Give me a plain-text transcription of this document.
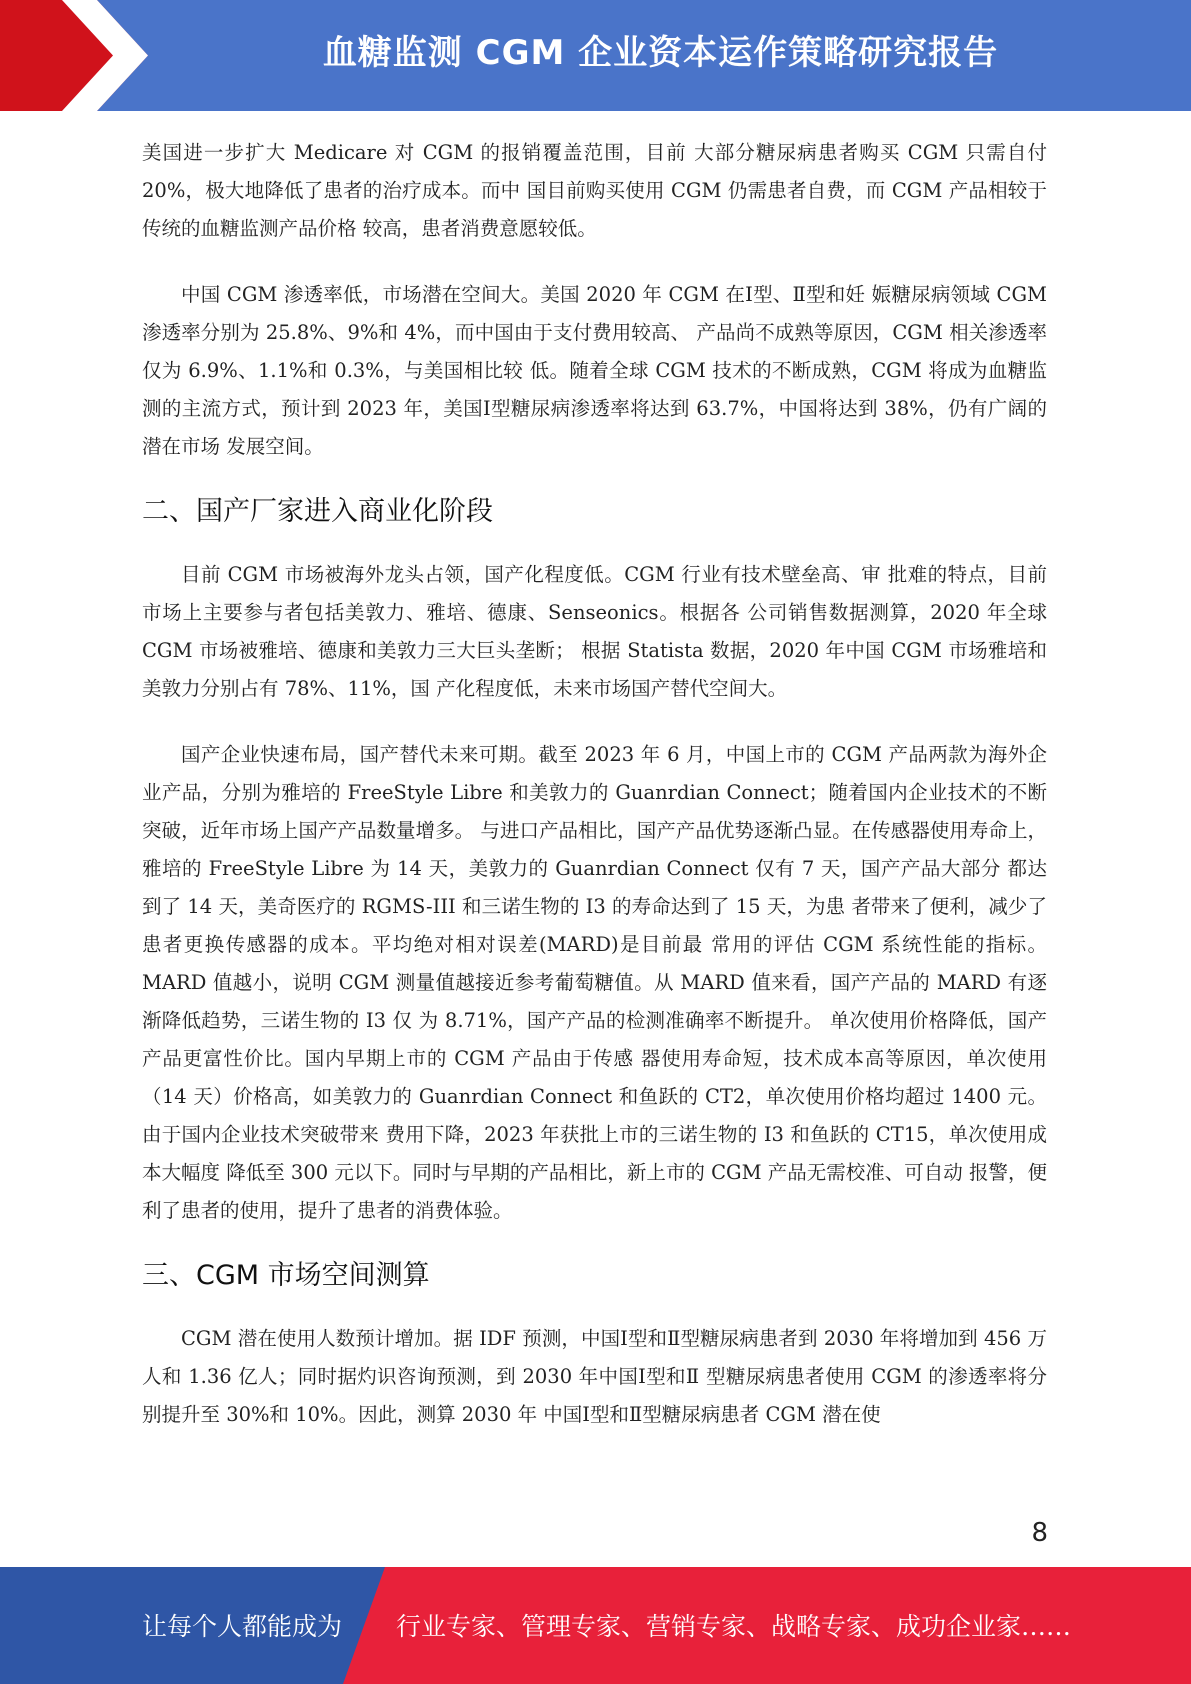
血糖监测 CGM 企业资本运作策略研究报告

美国进一步扩大 Medicare 对 CGM 的报销覆盖范围，目前 大部分糖尿病患者购买 CGM 只需自付 20%，极大地降低了患者的治疗成本。而中 国目前购买使用 CGM 仍需患者自费，而 CGM 产品相较于传统的血糖监测产品价格 较高，患者消费意愿较低。

中国 CGM 渗透率低，市场潜在空间大。美国 2020 年 CGM 在Ⅰ型、Ⅱ型和妊 娠糖尿病领域 CGM 渗透率分别为 25.8%、9%和 4%，而中国由于支付费用较高、 产品尚不成熟等原因，CGM 相关渗透率仅为 6.9%、1.1%和 0.3%，与美国相比较 低。随着全球 CGM 技术的不断成熟，CGM 将成为血糖监测的主流方式，预计到 2023 年，美国Ⅰ型糖尿病渗透率将达到 63.7%，中国将达到 38%，仍有广阔的潜在市场 发展空间。

二、国产厂家进入商业化阶段

目前 CGM 市场被海外龙头占领，国产化程度低。CGM 行业有技术壁垒高、审 批难的特点，目前市场上主要参与者包括美敦力、雅培、德康、Senseonics。根据各 公司销售数据测算，2020 年全球 CGM 市场被雅培、德康和美敦力三大巨头垄断； 根据 Statista 数据，2020 年中国 CGM 市场雅培和美敦力分别占有 78%、11%，国 产化程度低，未来市场国产替代空间大。

国产企业快速布局，国产替代未来可期。截至 2023 年 6 月，中国上市的 CGM 产品两款为海外企业产品，分别为雅培的 FreeStyle Libre 和美敦力的 Guanrdian Connect；随着国内企业技术的不断突破，近年市场上国产产品数量增多。 与进口产品相比，国产产品优势逐渐凸显。在传感器使用寿命上，雅培的 FreeStyle Libre 为 14 天，美敦力的 Guanrdian Connect 仅有 7 天，国产产品大部分 都达到了 14 天，美奇医疗的 RGMS-III 和三诺生物的 I3 的寿命达到了 15 天，为患 者带来了便利，减少了患者更换传感器的成本。平均绝对相对误差(MARD)是目前最 常用的评估 CGM 系统性能的指标。MARD 值越小，说明 CGM 测量值越接近参考葡萄糖值。从 MARD 值来看，国产产品的 MARD 有逐渐降低趋势，三诺生物的 I3 仅 为 8.71%，国产产品的检测准确率不断提升。 单次使用价格降低，国产产品更富性价比。国内早期上市的 CGM 产品由于传感 器使用寿命短，技术成本高等原因，单次使用（14 天）价格高，如美敦力的 Guanrdian Connect 和鱼跃的 CT2，单次使用价格均超过 1400 元。由于国内企业技术突破带来 费用下降，2023 年获批上市的三诺生物的 I3 和鱼跃的 CT15，单次使用成本大幅度 降低至 300 元以下。同时与早期的产品相比，新上市的 CGM 产品无需校准、可自动 报警，便利了患者的使用，提升了患者的消费体验。

三、CGM 市场空间测算

CGM 潜在使用人数预计增加。据 IDF 预测，中国Ⅰ型和Ⅱ型糖尿病患者到 2030 年将增加到 456 万人和 1.36 亿人；同时据灼识咨询预测，到 2030 年中国Ⅰ型和Ⅱ 型糖尿病患者使用 CGM 的渗透率将分别提升至 30%和 10%。因此，测算 2030 年 中国Ⅰ型和Ⅱ型糖尿病患者 CGM 潜在使

8
让每个人都能成为 行业专家、管理专家、营销专家、战略专家、成功企业家……
